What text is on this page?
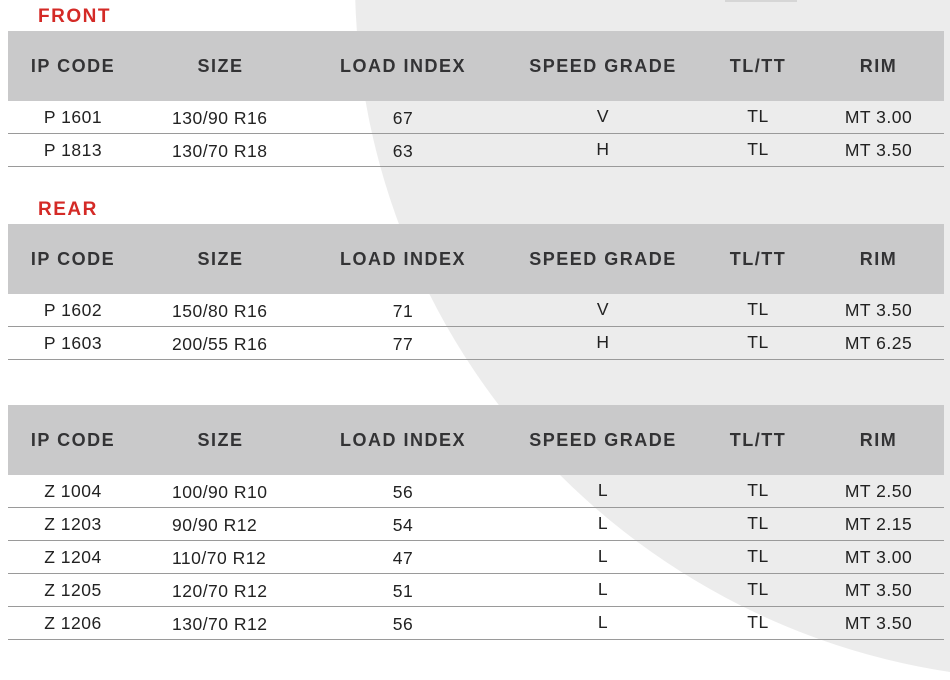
FRONT
IP CODE	SIZE	LOAD INDEX	SPEED GRADE	TL/TT	RIM
P 1601	130/90 R16	67	V	TL	MT 3.00
P 1813	130/70 R18	63	H	TL	MT 3.50
REAR
IP CODE	SIZE	LOAD INDEX	SPEED GRADE	TL/TT	RIM
P 1602	150/80 R16	71	V	TL	MT 3.50
P 1603	200/55 R16	77	H	TL	MT 6.25
IP CODE	SIZE	LOAD INDEX	SPEED GRADE	TL/TT	RIM
Z 1004	100/90 R10	56	L	TL	MT 2.50
Z 1203	90/90 R12	54	L	TL	MT 2.15
Z 1204	110/70 R12	47	L	TL	MT 3.00
Z 1205	120/70 R12	51	L	TL	MT 3.50
Z 1206	130/70 R12	56	L	TL	MT 3.50
